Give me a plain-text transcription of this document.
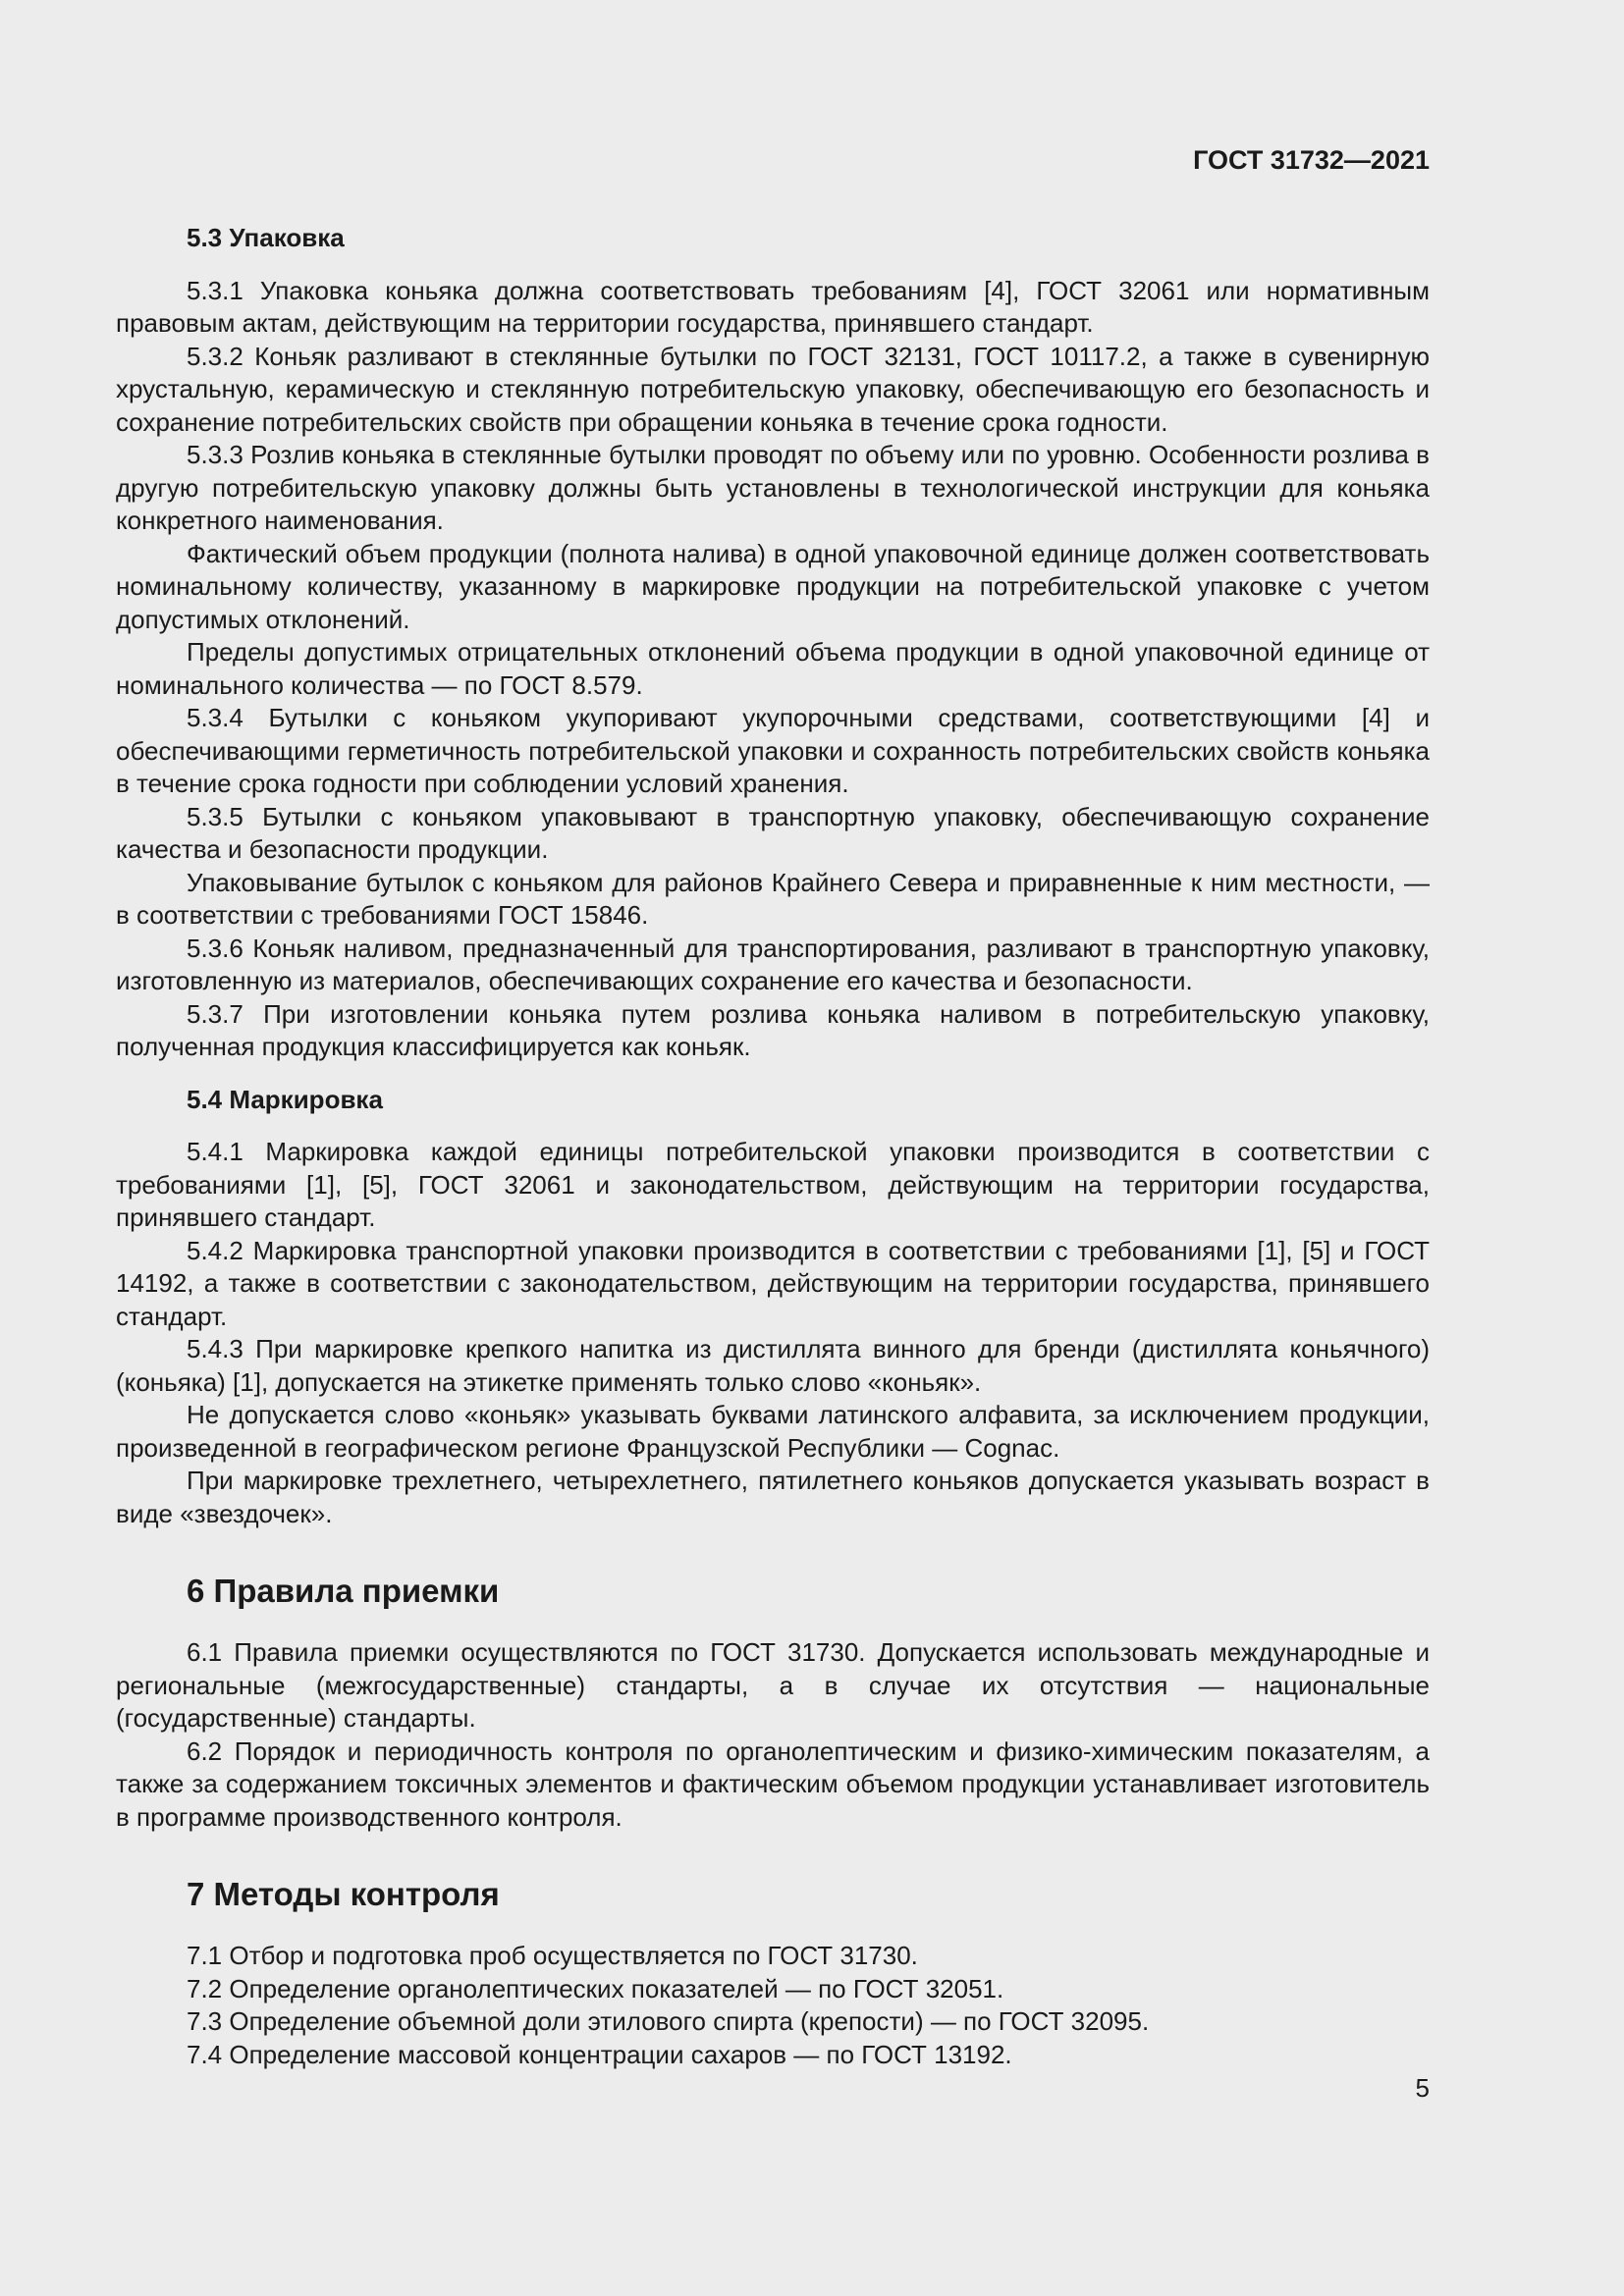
ГОСТ 31732—2021
5.3 Упаковка

5.3.1 Упаковка коньяка должна соответствовать требованиям [4], ГОСТ 32061 или нормативным правовым актам, действующим на территории государства, принявшего стандарт.

5.3.2 Коньяк разливают в стеклянные бутылки по ГОСТ 32131, ГОСТ 10117.2, а также в сувенирную хрустальную, керамическую и стеклянную потребительскую упаковку, обеспечивающую его безопасность и сохранение потребительских свойств при обращении коньяка в течение срока годности.

5.3.3 Розлив коньяка в стеклянные бутылки проводят по объему или по уровню. Особенности розлива в другую потребительскую упаковку должны быть установлены в технологической инструкции для коньяка конкретного наименования.

Фактический объем продукции (полнота налива) в одной упаковочной единице должен соответствовать номинальному количеству, указанному в маркировке продукции на потребительской упаковке с учетом допустимых отклонений.

Пределы допустимых отрицательных отклонений объема продукции в одной упаковочной единице от номинального количества — по ГОСТ 8.579.

5.3.4 Бутылки с коньяком укупоривают укупорочными средствами, соответствующими [4] и обеспечивающими герметичность потребительской упаковки и сохранность потребительских свойств коньяка в течение срока годности при соблюдении условий хранения.

5.3.5 Бутылки с коньяком упаковывают в транспортную упаковку, обеспечивающую сохранение качества и безопасности продукции.

Упаковывание бутылок с коньяком для районов Крайнего Севера и приравненные к ним местности, — в соответствии с требованиями ГОСТ 15846.

5.3.6 Коньяк наливом, предназначенный для транспортирования, разливают в транспортную упаковку, изготовленную из материалов, обеспечивающих сохранение его качества и безопасности.

5.3.7 При изготовлении коньяка путем розлива коньяка наливом в потребительскую упаковку, полученная продукция классифицируется как коньяк.

5.4 Маркировка

5.4.1 Маркировка каждой единицы потребительской упаковки производится в соответствии с требованиями [1], [5], ГОСТ 32061 и законодательством, действующим на территории государства, принявшего стандарт.

5.4.2 Маркировка транспортной упаковки производится в соответствии с требованиями [1], [5] и ГОСТ 14192, а также в соответствии с законодательством, действующим на территории государства, принявшего стандарт.

5.4.3 При маркировке крепкого напитка из дистиллята винного для бренди (дистиллята коньячного) (коньяка) [1], допускается на этикетке применять только слово «коньяк».

Не допускается слово «коньяк» указывать буквами латинского алфавита, за исключением продукции, произведенной в географическом регионе Французской Республики — Cognac.

При маркировке трехлетнего, четырехлетнего, пятилетнего коньяков допускается указывать возраст в виде «звездочек».

6 Правила приемки

6.1 Правила приемки осуществляются по ГОСТ 31730. Допускается использовать международные и региональные (межгосударственные) стандарты, а в случае их отсутствия — национальные (государственные) стандарты.

6.2 Порядок и периодичность контроля по органолептическим и физико-химическим показателям, а также за содержанием токсичных элементов и фактическим объемом продукции устанавливает изготовитель в программе производственного контроля.

7 Методы контроля
7.1 Отбор и подготовка проб осуществляется по ГОСТ 31730.
7.2 Определение органолептических показателей — по ГОСТ 32051.
7.3 Определение объемной доли этилового спирта (крепости) — по ГОСТ 32095.
7.4 Определение массовой концентрации сахаров — по ГОСТ 13192.
5
